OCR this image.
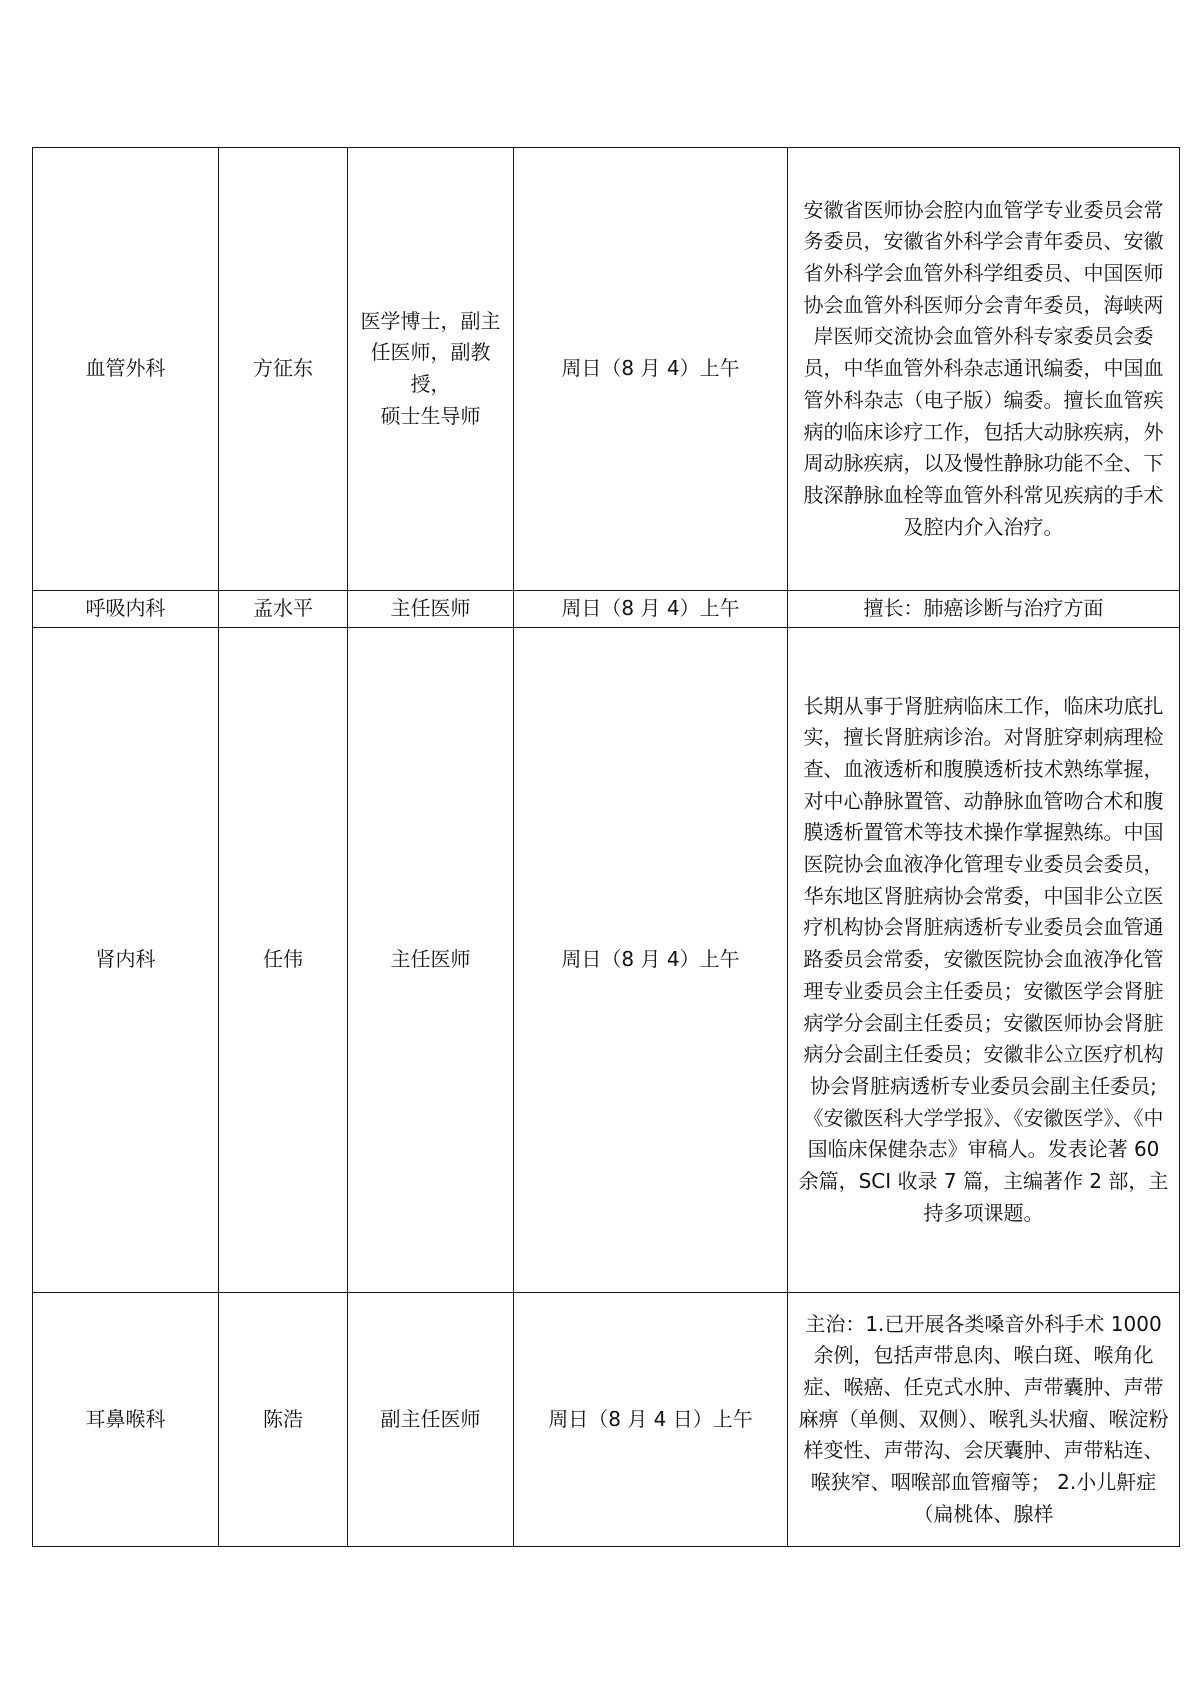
血管外科	方征东	医学博士，副主
任医师，副教授，
硕士生导师	周日（8 月 4）上午	安徽省医师协会腔内血管学专业委员会常务委员，安徽省外科学会青年委员、安徽省外科学会血管外科学组委员、中国医师协会血管外科医师分会青年委员，海峡两岸医师交流协会血管外科专家委员会委员，中华血管外科杂志通讯编委，中国血管外科杂志（电子版）编委。擅长血管疾病的临床诊疗工作，包括大动脉疾病，外周动脉疾病，以及慢性静脉功能不全、下肢深静脉血栓等血管外科常见疾病的手术及腔内介入治疗。

呼吸内科	孟水平	主任医师	周日（8 月 4）上午	擅长：肺癌诊断与治疗方面

肾内科	任伟	主任医师	周日（8 月 4）上午	长期从事于肾脏病临床工作，临床功底扎实，擅长肾脏病诊治。对肾脏穿刺病理检查、血液透析和腹膜透析技术熟练掌握，对中心静脉置管、动静脉血管吻合术和腹膜透析置管术等技术操作掌握熟练。中国医院协会血液净化管理专业委员会委员，华东地区肾脏病协会常委，中国非公立医疗机构协会肾脏病透析专业委员会血管通路委员会常委，安徽医院协会血液净化管理专业委员会主任委员；安徽医学会肾脏病学分会副主任委员；安徽医师协会肾脏病分会副主任委员；安徽非公立医疗机构协会肾脏病透析专业委员会副主任委员;《安徽医科大学学报》、《安徽医学》、《中国临床保健杂志》审稿人。发表论著 60 余篇，SCI 收录 7 篇，主编著作 2 部，主持多项课题。

耳鼻喉科	陈浩	副主任医师	周日（8 月 4 日）上午	主治：1.已开展各类嗓音外科手术 1000 余例，包括声带息肉、喉白斑、喉角化症、喉癌、任克式水肿、声带囊肿、声带麻痹（单侧、双侧）、喉乳头状瘤、喉淀粉样变性、声带沟、会厌囊肿、声带粘连、喉狭窄、咽喉部血管瘤等； 2.小儿鼾症（扁桃体、腺样
